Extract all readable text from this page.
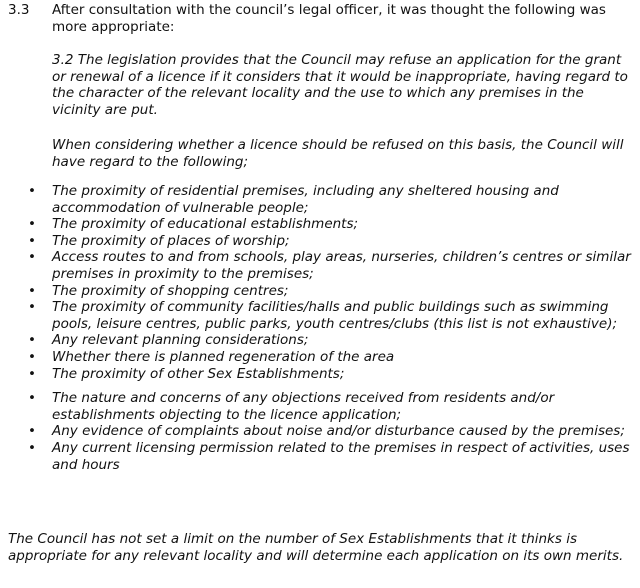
3.3 After consultation with the council’s legal officer, it was thought the following was more appropriate:

3.2 The legislation provides that the Council may refuse an application for the grant or renewal of a licence if it considers that it would be inappropriate, having regard to the character of the relevant locality and the use to which any premises in the vicinity are put.

When considering whether a licence should be refused on this basis, the Council will have regard to the following;

• The proximity of residential premises, including any sheltered housing and accommodation of vulnerable people;
• The proximity of educational establishments;
• The proximity of places of worship;
• Access routes to and from schools, play areas, nurseries, children’s centres or similar premises in proximity to the premises;
• The proximity of shopping centres;
• The proximity of community facilities/halls and public buildings such as swimming pools, leisure centres, public parks, youth centres/clubs (this list is not exhaustive);
• Any relevant planning considerations;
• Whether there is planned regeneration of the area
• The proximity of other Sex Establishments;
• The nature and concerns of any objections received from residents and/or establishments objecting to the licence application;
• Any evidence of complaints about noise and/or disturbance caused by the premises;
• Any current licensing permission related to the premises in respect of activities, uses and hours

The Council has not set a limit on the number of Sex Establishments that it thinks is appropriate for any relevant locality and will determine each application on its own merits.
